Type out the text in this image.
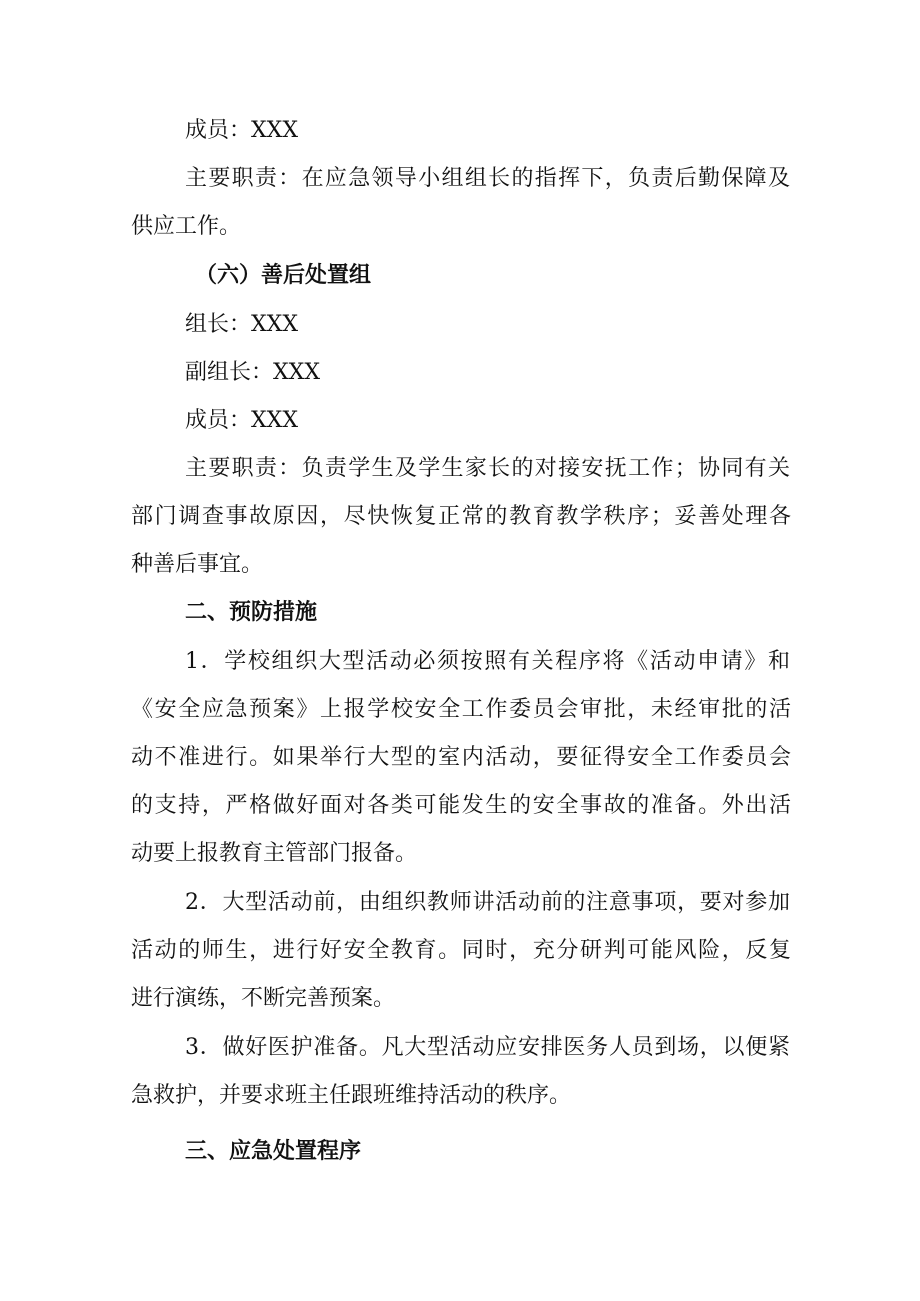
成员：XXX
主要职责：在应急领导小组组长的指挥下，负责后勤保障及
供应工作。
（六）善后处置组
组长：XXX
副组长：XXX
成员：XXX
主要职责：负责学生及学生家长的对接安抚工作；协同有关
部门调查事故原因，尽快恢复正常的教育教学秩序；妥善处理各
种善后事宜。
二、预防措施
1．学校组织大型活动必须按照有关程序将《活动申请》和
《安全应急预案》上报学校安全工作委员会审批，未经审批的活
动不准进行。如果举行大型的室内活动，要征得安全工作委员会
的支持，严格做好面对各类可能发生的安全事故的准备。外出活
动要上报教育主管部门报备。
2．大型活动前，由组织教师讲活动前的注意事项，要对参加
活动的师生，进行好安全教育。同时，充分研判可能风险，反复
进行演练，不断完善预案。
3．做好医护准备。凡大型活动应安排医务人员到场，以便紧
急救护，并要求班主任跟班维持活动的秩序。
三、应急处置程序
